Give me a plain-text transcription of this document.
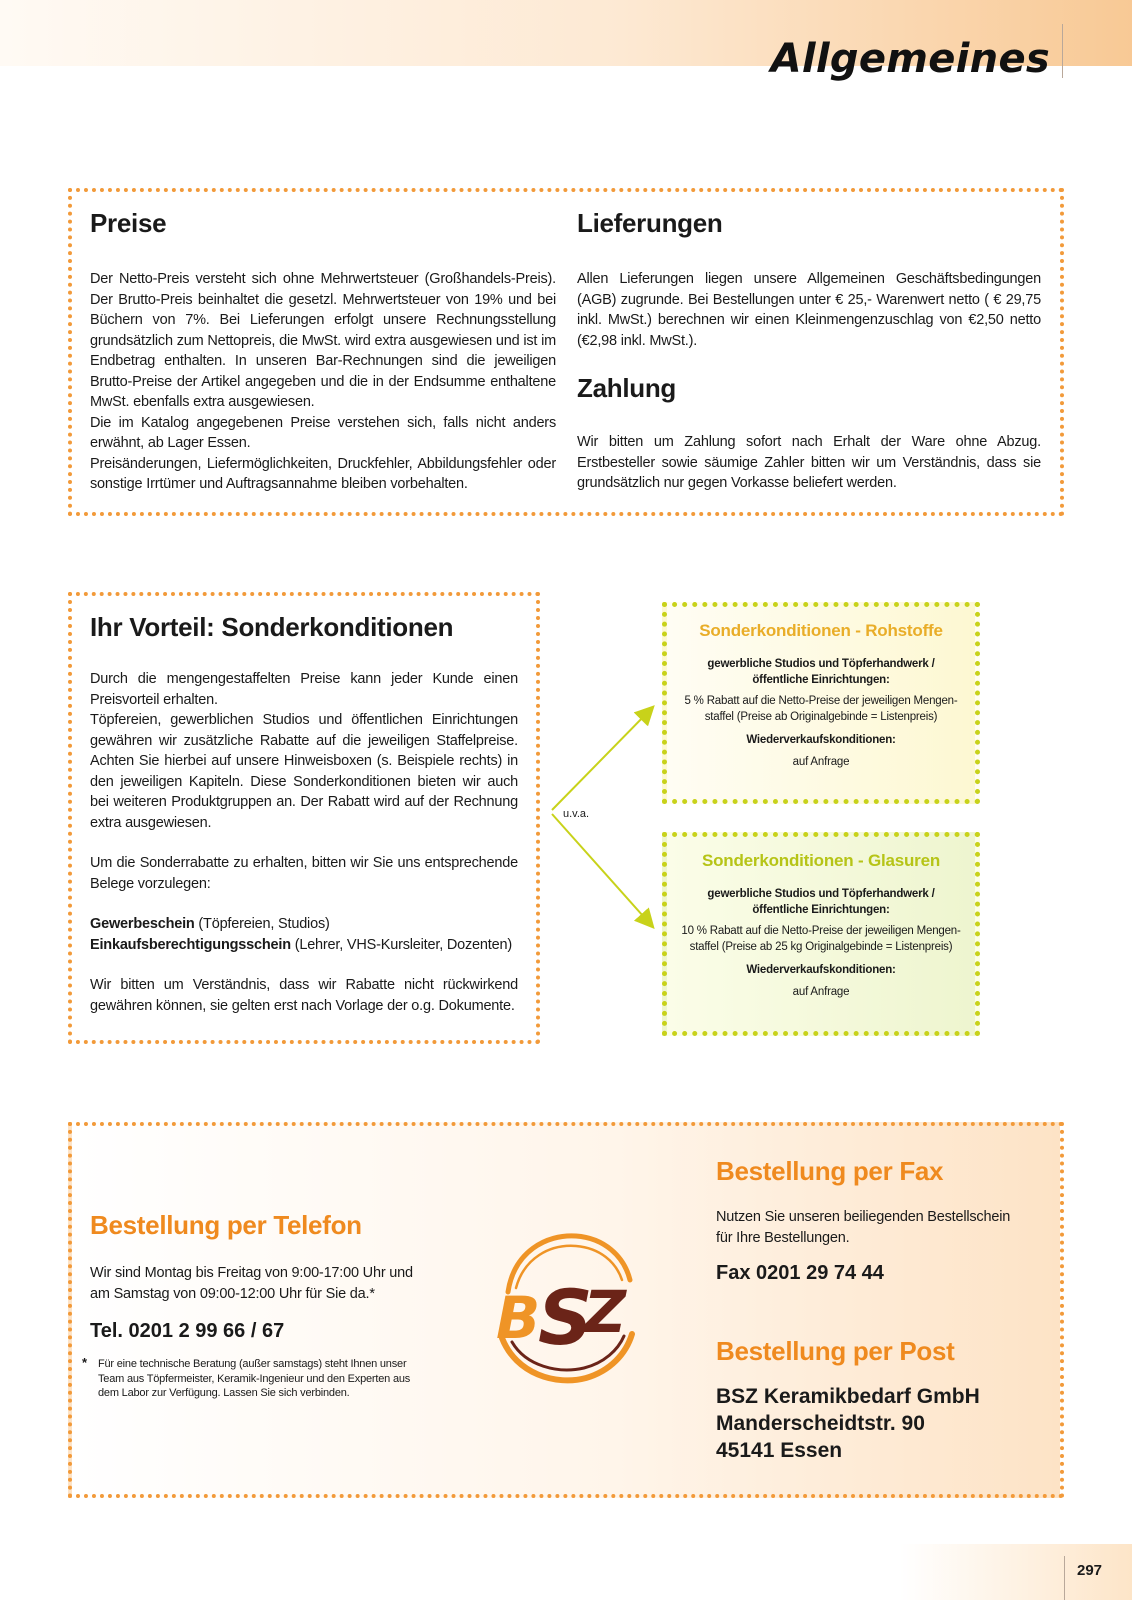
Allgemeines
Preise

Der Netto-Preis versteht sich ohne Mehrwertsteuer (Großhandels-Preis). Der Brutto-Preis beinhaltet die gesetzl. Mehrwertsteuer von 19% und bei Büchern von 7%. Bei Lieferungen erfolgt unsere Rechnungsstellung grundsätzlich zum Nettopreis, die MwSt. wird extra ausgewiesen und ist im Endbetrag enthalten. In unseren Bar-Rechnungen sind die jeweiligen Brutto-Preise der Artikel angegeben und die in der Endsumme enthaltene MwSt. ebenfalls extra ausgewiesen.

Die im Katalog angegebenen Preise verstehen sich, falls nicht anders erwähnt, ab Lager Essen.

Preisänderungen, Liefermöglichkeiten, Druckfehler, Abbildungsfehler oder sonstige Irrtümer und Auftragsannahme bleiben vorbehalten.

Lieferungen

Allen Lieferungen liegen unsere Allgemeinen Geschäftsbedingungen (AGB) zugrunde. Bei Bestellungen unter € 25,- Warenwert netto ( € 29,75 inkl. MwSt.) berechnen wir einen Kleinmengenzuschlag von €2,50 netto (€2,98 inkl. MwSt.).

Zahlung

Wir bitten um Zahlung sofort nach Erhalt der Ware ohne Abzug. Erstbesteller sowie säumige Zahler bitten wir um Verständnis, dass sie grundsätzlich nur gegen Vorkasse beliefert werden.

Ihr Vorteil: Sonderkonditionen

Durch die mengengestaffelten Preise kann jeder Kunde einen Preisvorteil erhalten.

Töpfereien, gewerblichen Studios und öffentlichen Einrichtungen gewähren wir zusätzliche Rabatte auf die jeweiligen Staffelpreise. Achten Sie hierbei auf unsere Hinweisboxen (s. Beispiele rechts) in den jeweiligen Kapiteln. Diese Sonderkonditionen bieten wir auch bei weiteren Produktgruppen an. Der Rabatt wird auf der Rechnung extra ausgewiesen.

Um die Sonderrabatte zu erhalten, bitten wir Sie uns entsprechende Belege vorzulegen:

Gewerbeschein (Töpfereien, Studios)

Einkaufsberechtigungsschein (Lehrer, VHS-Kursleiter, Dozenten)

Wir bitten um Verständnis, dass wir Rabatte nicht rückwirkend gewähren können, sie gelten erst nach Vorlage der o.g. Dokumente.

u.v.a.
Sonderkonditionen - Rohstoffe
gewerbliche Studios und Töpferhandwerk /
öffentliche Einrichtungen:
5 % Rabatt auf die Netto-Preise der jeweiligen Mengen-
staffel (Preise ab Originalgebinde = Listenpreis)
Wiederverkaufskonditionen:
auf Anfrage
Sonderkonditionen - Glasuren
gewerbliche Studios und Töpferhandwerk /
öffentliche Einrichtungen:
10 % Rabatt auf die Netto-Preise der jeweiligen Mengen-
staffel (Preise ab 25 kg Originalgebinde = Listenpreis)
Wiederverkaufskonditionen:
auf Anfrage
Bestellung per Telefon

Wir sind Montag bis Freitag von 9:00-17:00 Uhr und

am Samstag von 09:00-12:00 Uhr für Sie da.*

Tel. 0201 2 99 66 / 67
* Für eine technische Beratung (außer samstags) steht Ihnen unser
Team aus Töpfermeister, Keramik-Ingenieur und den Experten aus
dem Labor zur Verfügung. Lassen Sie sich verbinden.
B
S
Z
Bestellung per Fax

Nutzen Sie unseren beiliegenden Bestellschein

für Ihre Bestellungen.

Fax 0201 29 74 44
Bestellung per Post
BSZ Keramikbedarf GmbH
Manderscheidtstr. 90
45141 Essen
297
